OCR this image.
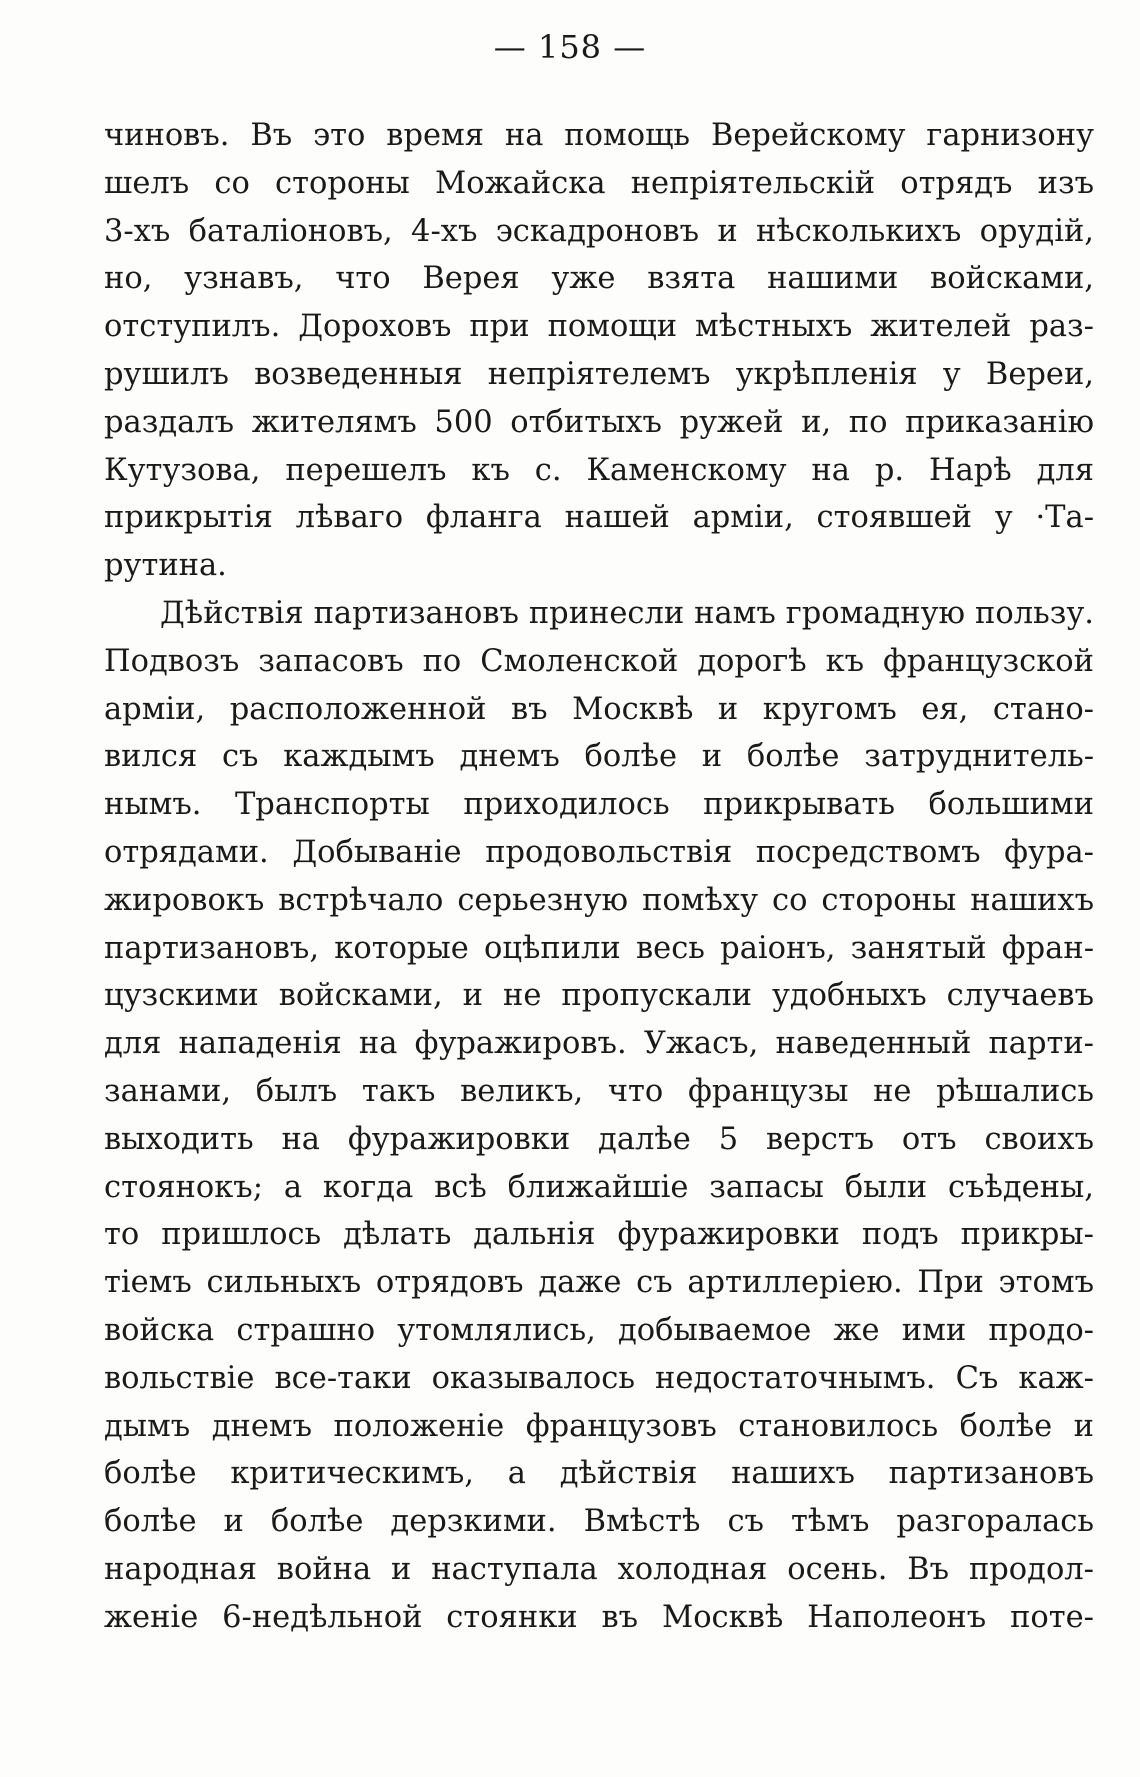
— 158 —
чиновъ. Въ это время на помощь Верейскому гарнизону
шелъ со стороны Можайска непрiятельскiй отрядъ изъ
3-хъ баталiоновъ, 4-хъ эскадроновъ и нѣсколькихъ орудiй,
но, узнавъ, что Верея уже взята нашими войсками,
отступилъ. Дороховъ при помощи мѣстныхъ жителей раз-
рушилъ возведенныя непрiятелемъ укрѣпленiя у Вереи,
раздалъ жителямъ 500 отбитыхъ ружей и, по приказанiю
Кутузова, перешелъ къ с. Каменскому на р. Нарѣ для
прикрытiя лѣваго фланга нашей армiи, стоявшей у ·Та-
рутина.
Дѣйствiя партизановъ принесли намъ громадную пользу.
Подвозъ запасовъ по Смоленской дорогѣ къ французской
армiи, расположенной въ Москвѣ и кругомъ ея, стано-
вился съ каждымъ днемъ болѣе и болѣе затруднитель-
нымъ. Транспорты приходилось прикрывать большими
отрядами. Добыванiе продовольствiя посредствомъ фура-
жировокъ встрѣчало серьезную помѣху со стороны нашихъ
партизановъ, которые оцѣпили весь раiонъ, занятый фран-
цузскими войсками, и не пропускали удобныхъ случаевъ
для нападенiя на фуражировъ. Ужасъ, наведенный парти-
занами, былъ такъ великъ, что французы не рѣшались
выходить на фуражировки далѣе 5 верстъ отъ своихъ
стоянокъ; а когда всѣ ближайшiе запасы были съѣдены,
то пришлось дѣлать дальнiя фуражировки подъ прикры-
тiемъ сильныхъ отрядовъ даже съ артиллерiею. При этомъ
войска страшно утомлялись, добываемое же ими продо-
вольствiе все-таки оказывалось недостаточнымъ. Съ каж-
дымъ днемъ положенiе французовъ становилось болѣе и
болѣе критическимъ, а дѣйствiя нашихъ партизановъ
болѣе и болѣе дерзкими. Вмѣстѣ съ тѣмъ разгоралась
народная война и наступала холодная осень. Въ продол-
женiе 6-недѣльной стоянки въ Москвѣ Наполеонъ поте-
